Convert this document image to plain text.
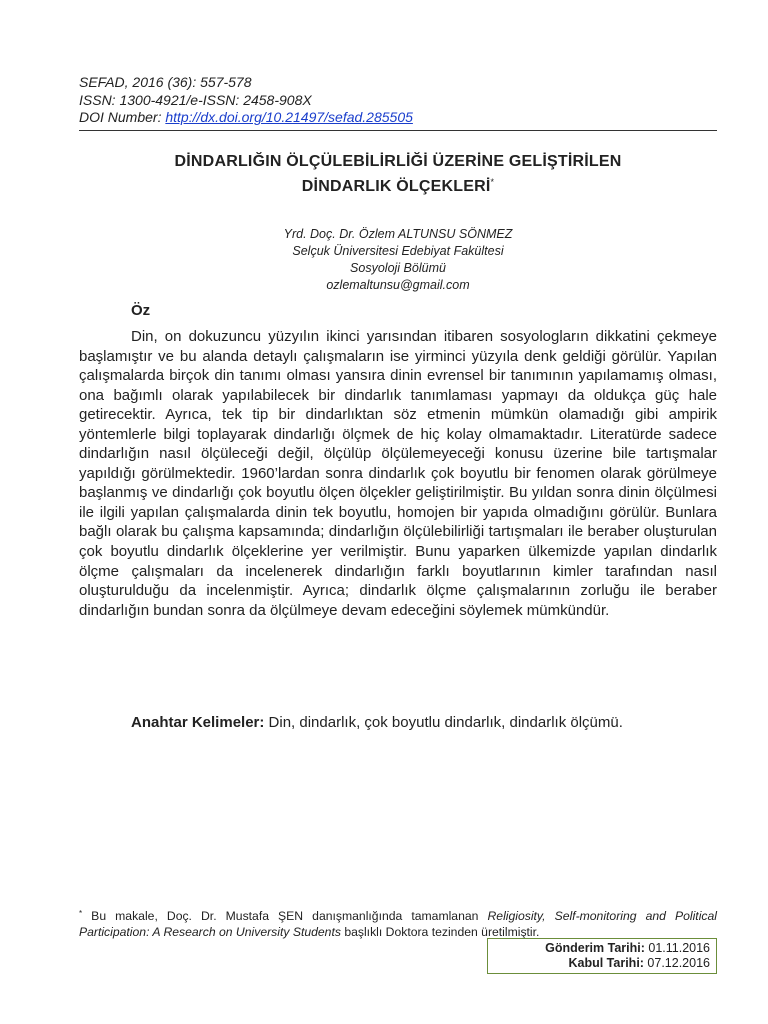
SEFAD, 2016 (36): 557-578
ISSN: 1300-4921/e-ISSN: 2458-908X
DOI Number: http://dx.doi.org/10.21497/sefad.285505
DİNDARLIĞIN ÖLÇÜLEBİLİRLİĞİ ÜZERİNE GELİŞTİRİLEN
DİNDARLIK ÖLÇEKLERİ*
Yrd. Doç. Dr. Özlem ALTUNSU SÖNMEZ
Selçuk Üniversitesi Edebiyat Fakültesi
Sosyoloji Bölümü
ozlemaltunsu@gmail.com
Öz

Din, on dokuzuncu yüzyılın ikinci yarısından itibaren sosyologların dikkatini çekmeye başlamıştır ve bu alanda detaylı çalışmaların ise yirminci yüzyıla denk geldiği görülür. Yapılan çalışmalarda birçok din tanımı olması yansıra dinin evrensel bir tanımının yapılamamış olması, ona bağımlı olarak yapılabilecek bir dindarlık tanımlaması yapmayı da oldukça güç hale getirecektir. Ayrıca, tek tip bir dindarlıktan söz etmenin mümkün olamadığı gibi ampirik yöntemlerle bilgi toplayarak dindarlığı ölçmek de hiç kolay olmamaktadır. Literatürde sadece dindarlığın nasıl ölçüleceği değil, ölçülüp ölçülemeyeceği konusu üzerine bile tartışmalar yapıldığı görülmektedir. 1960’lardan sonra dindarlık çok boyutlu bir fenomen olarak görülmeye başlanmış ve dindarlığı çok boyutlu ölçen ölçekler geliştirilmiştir. Bu yıldan sonra dinin ölçülmesi ile ilgili yapılan çalışmalarda dinin tek boyutlu, homojen bir yapıda olmadığını görülür. Bunlara bağlı olarak bu çalışma kapsamında; dindarlığın ölçülebilirliği tartışmaları ile beraber oluşturulan çok boyutlu dindarlık ölçeklerine yer verilmiştir. Bunu yaparken ülkemizde yapılan dindarlık ölçme çalışmaları da incelenerek dindarlığın farklı boyutlarının kimler tarafından nasıl oluşturulduğu da incelenmiştir. Ayrıca; dindarlık ölçme çalışmalarının zorluğu ile beraber dindarlığın bundan sonra da ölçülmeye devam edeceğini söylemek mümkündür.

Anahtar Kelimeler: Din, dindarlık, çok boyutlu dindarlık, dindarlık ölçümü.

* Bu makale, Doç. Dr. Mustafa ŞEN danışmanlığında tamamlanan Religiosity, Self-monitoring and Political Participation: A Research on University Students başlıklı Doktora tezinden üretilmiştir.

Gönderim Tarihi: 01.11.2016
Kabul Tarihi: 07.12.2016
